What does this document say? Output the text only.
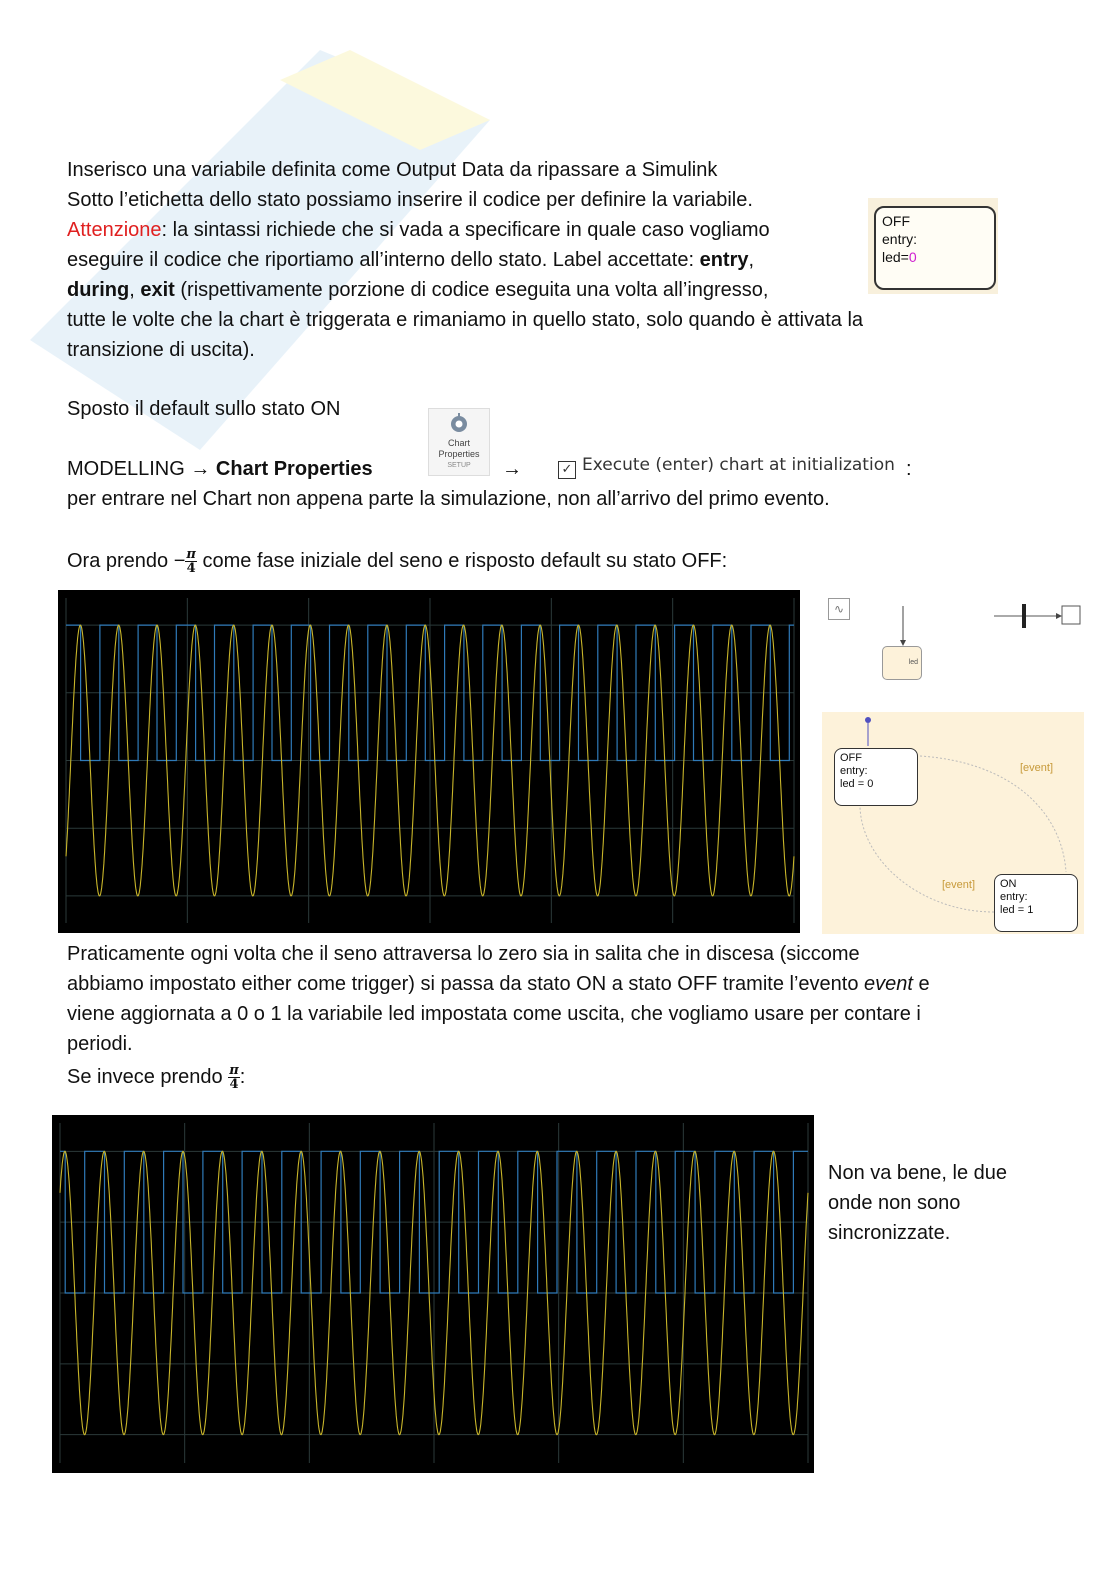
Inserisco una variabile definita come Output Data da ripassare a Simulink
Sotto l’etichetta dello stato possiamo inserire il codice per definire la variabile.
Attenzione: la sintassi richiede che si vada a specificare in quale caso vogliamo
eseguire il codice che riportiamo all’interno dello stato. Label accettate: entry,
during, exit (rispettivamente porzione di codice eseguita una volta all’ingresso,
tutte le volte che la chart è triggerata e rimaniamo in quello stato, solo quando è attivata la
transizione di uscita).
OFF
entry:
led=0
Sposto il default sullo stato ON
Chart
Properties
SETUP
MODELLING → Chart Properties	→	✓ Execute (enter) chart at initialization :
per entrare nel Chart non appena parte la simulazione, non all’arrivo del primo evento.
Ora prendo − $\frac{\pi}{4}$ come fase iniziale del seno e risposto default su stato OFF:
∿
led
OFF
entry:
led = 0
ON
entry:
led = 1
[event]
[event]
Praticamente ogni volta che il seno attraversa lo zero sia in salita che in discesa (siccome
abbiamo impostato either come trigger) si passa da stato ON a stato OFF tramite l’evento event e
viene aggiornata a 0 o 1 la variabile led impostata come uscita, che vogliamo usare per contare i
periodi.
Se invece prendo $\frac{\pi}{4}$ :
Non va bene, le due
onde non sono
sincronizzate.
